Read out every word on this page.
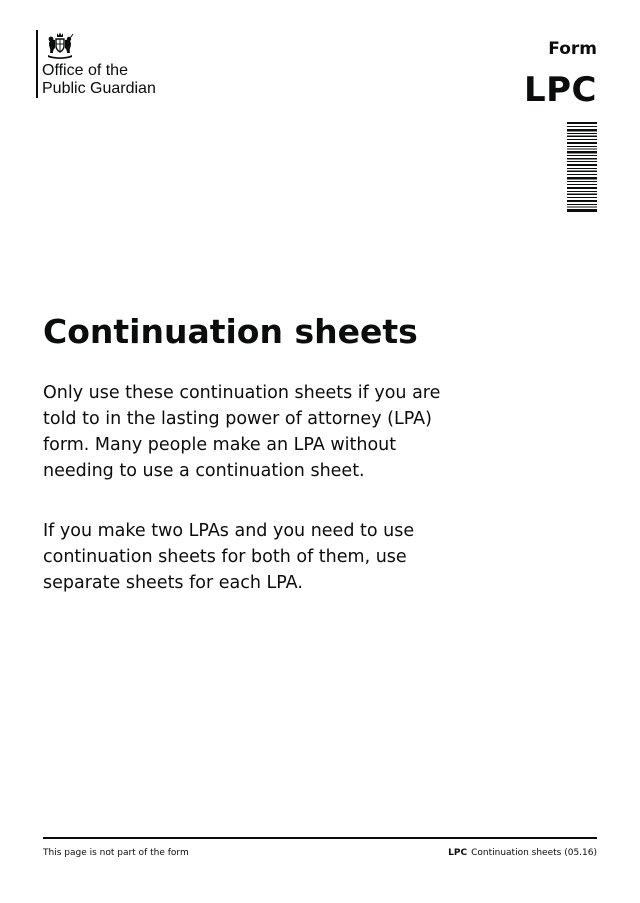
Office of the
Public Guardian
Form
LPC
Continuation sheets

Only use these continuation sheets if you are
told to in the lasting power of attorney (LPA)
form. Many people make an LPA without
needing to use a continuation sheet.

If you make two LPAs and you need to use
continuation sheets for both of them, use
separate sheets for each LPA.

This page is not part of the form	LPC Continuation sheets (05.16)
